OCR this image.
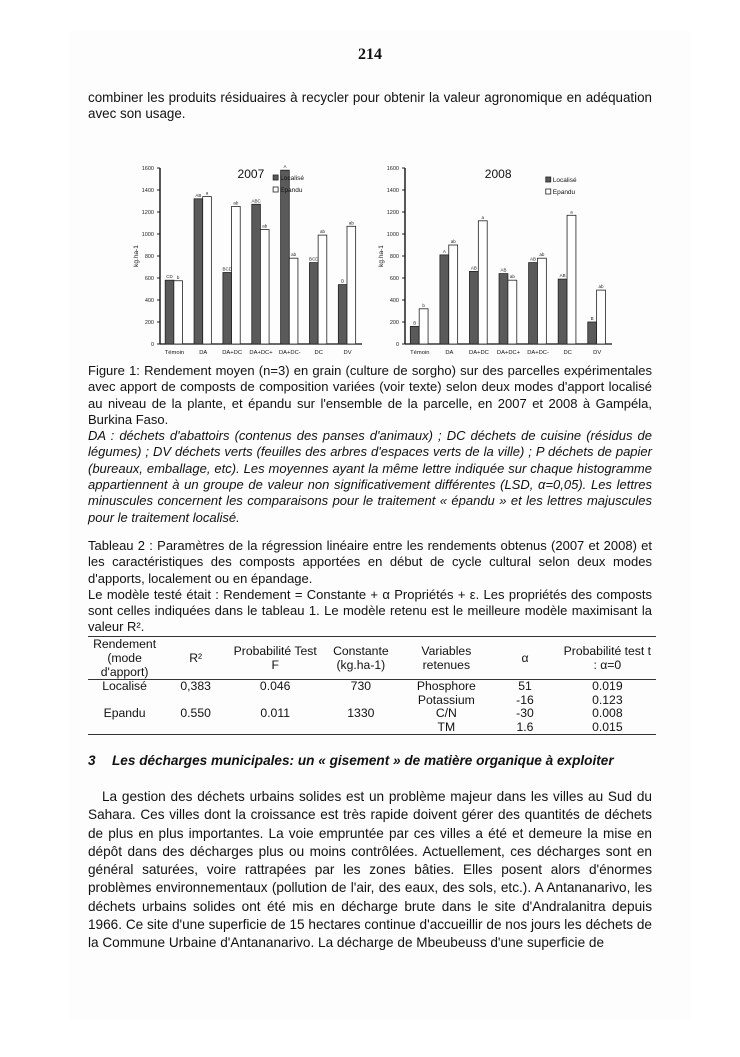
214

combiner les produits résiduaires à recycler pour obtenir la valeur agronomique en adéquation avec son usage.

0
200
400
600
800
1000
1200
1400
1600
kg.ha-1
2007
CD b
Témoin
AB a
DA
BCD
ab
DA+DC
ABC
ab
DA+DC+
A
ab
DA+DC-
BCD
ab
DC
D
ab
DV
Localisé
Epandu
0
200
400
600
800
1000
1200
1400
1600
kg.ha-1
2008
B
b
Témoin
A
ab
DA
AB
a
DA+DC
AB
ab
DA+DC+
AB
ab
DA+DC-
AB
a
DC
B
ab
DV
Localisé
Epandu
Figure 1: Rendement moyen (n=3) en grain (culture de sorgho) sur des parcelles expérimentales avec apport de composts de composition variées (voir texte) selon deux modes d'apport localisé au niveau de la plante, et épandu sur l'ensemble de la parcelle, en 2007 et 2008 à Gampéla, Burkina Faso.
DA : déchets d'abattoirs (contenus des panses d'animaux) ; DC déchets de cuisine (résidus de légumes) ; DV déchets verts (feuilles des arbres d'espaces verts de la ville) ; P déchets de papier (bureaux, emballage, etc). Les moyennes ayant la même lettre indiquée sur chaque histogramme appartiennent à un groupe de valeur non significativement différentes (LSD, α=0,05). Les lettres minuscules concernent les comparaisons pour le traitement « épandu » et les lettres majuscules pour le traitement localisé.
Tableau 2 : Paramètres de la régression linéaire entre les rendements obtenus (2007 et 2008) et les caractéristiques des composts apportées en début de cycle cultural selon deux modes d'apports, localement ou en épandage.
Le modèle testé était : Rendement = Constante + α Propriétés + ε. Les propriétés des composts sont celles indiquées dans le tableau 1. Le modèle retenu est le meilleure modèle maximisant la valeur R².
Rendement (mode d'apport)	R²	Probabilité Test F	Constante (kg.ha-1)	Variables retenues	α	Probabilité test t : α=0
Localisé	0,383	0.046	730	Phosphore	51	0.019
				Potassium	-16	0.123
Epandu	0.550	0.011	1330	C/N	-30	0.008
				TM	1.6	0.015
3 Les décharges municipales: un « gisement » de matière organique à exploiter

La gestion des déchets urbains solides est un problème majeur dans les villes au Sud du Sahara. Ces villes dont la croissance est très rapide doivent gérer des quantités de déchets de plus en plus importantes. La voie empruntée par ces villes a été et demeure la mise en dépôt dans des décharges plus ou moins contrôlées. Actuellement, ces décharges sont en général saturées, voire rattrapées par les zones bâties. Elles posent alors d'énormes problèmes environnementaux (pollution de l'air, des eaux, des sols, etc.). A Antananarivo, les déchets urbains solides ont été mis en décharge brute dans le site d'Andralanitra depuis 1966. Ce site d'une superficie de 15 hectares continue d'accueillir de nos jours les déchets de la Commune Urbaine d'Antananarivo. La décharge de Mbeubeuss d'une superficie de
